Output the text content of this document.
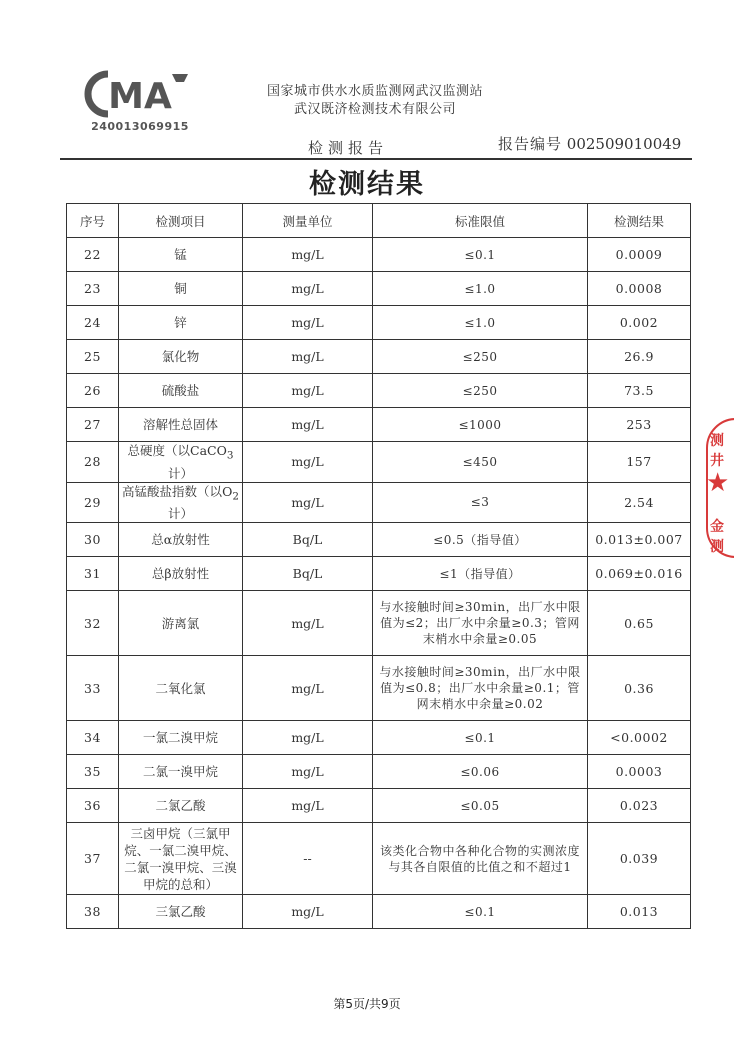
MA
240013069915
国家城市供水水质监测网武汉监测站
武汉既济检测技术有限公司
检测报告	报告编号 002509010049
检测结果
序号	检测项目	测量单位	标准限值	检测结果
22	锰	mg/L	≤0.1	0.0009
23	铜	mg/L	≤1.0	0.0008
24	锌	mg/L	≤1.0	0.002
25	氯化物	mg/L	≤250	26.9
26	硫酸盐	mg/L	≤250	73.5
27	溶解性总固体	mg/L	≤1000	253
28	总硬度（以CaCO$_3$计）	mg/L	≤450	157
29	高锰酸盐指数（以$O_2$计）	mg/L	≤3	2.54
30	总α放射性	Bq/L	≤0.5（指导值）	0.013±0.007
31	总β放射性	Bq/L	≤1（指导值）	0.069±0.016
32	游离氯	mg/L	与水接触时间≥30min，出厂水中限值为≤2；出厂水中余量≥0.3；管网末梢水中余量≥0.05	0.65
33	二氧化氯	mg/L	与水接触时间≥30min，出厂水中限值为≤0.8；出厂水中余量≥0.1；管网末梢水中余量≥0.02	0.36
34	一氯二溴甲烷	mg/L	≤0.1	<0.0002
35	二氯一溴甲烷	mg/L	≤0.06	0.0003
36	二氯乙酸	mg/L	≤0.05	0.023
37	三卤甲烷（三氯甲烷、一氯二溴甲烷、二氯一溴甲烷、三溴甲烷的总和）	--	该类化合物中各种化合物的实测浓度与其各自限值的比值之和不超过1	0.039
38	三氯乙酸	mg/L	≤0.1	0.013
测井
★
金测
第5页/共9页
